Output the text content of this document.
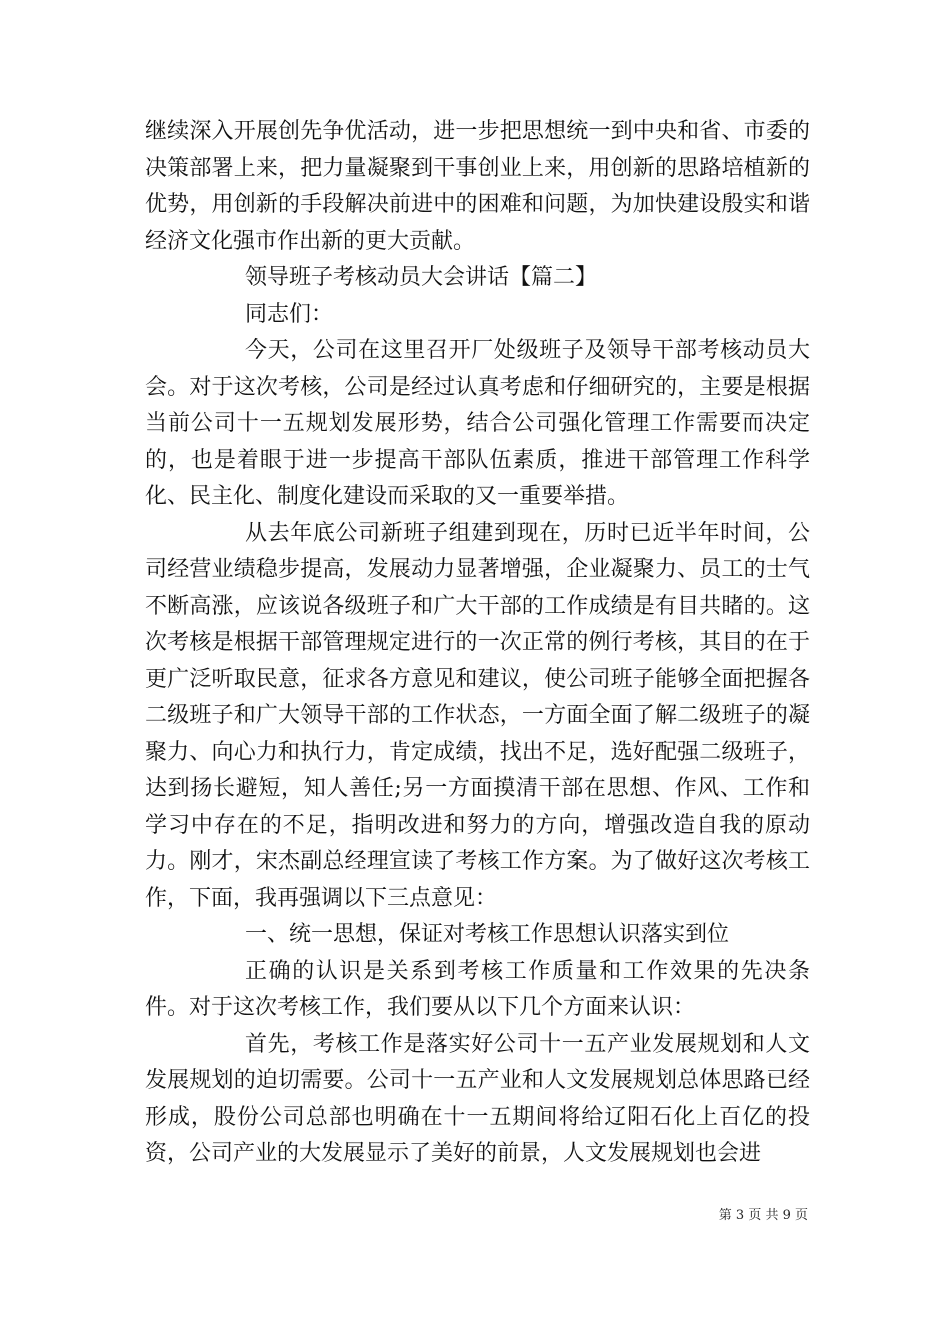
继续深入开展创先争优活动，进一步把思想统一到中央和省、市委的决策部署上来，把力量凝聚到干事创业上来，用创新的思路培植新的优势，用创新的手段解决前进中的困难和问题，为加快建设殷实和谐经济文化强市作出新的更大贡献。

领导班子考核动员大会讲话【篇二】

同志们：

今天，公司在这里召开厂处级班子及领导干部考核动员大会。对于这次考核，公司是经过认真考虑和仔细研究的，主要是根据当前公司十一五规划发展形势，结合公司强化管理工作需要而决定的，也是着眼于进一步提高干部队伍素质，推进干部管理工作科学化、民主化、制度化建设而采取的又一重要举措。

从去年底公司新班子组建到现在，历时已近半年时间，公司经营业绩稳步提高，发展动力显著增强，企业凝聚力、员工的士气不断高涨，应该说各级班子和广大干部的工作成绩是有目共睹的。这次考核是根据干部管理规定进行的一次正常的例行考核，其目的在于更广泛听取民意，征求各方意见和建议，使公司班子能够全面把握各二级班子和广大领导干部的工作状态，一方面全面了解二级班子的凝聚力、向心力和执行力，肯定成绩，找出不足，选好配强二级班子，达到扬长避短，知人善任;另一方面摸清干部在思想、作风、工作和学习中存在的不足，指明改进和努力的方向，增强改造自我的原动力。刚才，宋杰副总经理宣读了考核工作方案。为了做好这次考核工作，下面，我再强调以下三点意见：

一、统一思想，保证对考核工作思想认识落实到位

正确的认识是关系到考核工作质量和工作效果的先决条件。对于这次考核工作，我们要从以下几个方面来认识：

首先，考核工作是落实好公司十一五产业发展规划和人文发展规划的迫切需要。公司十一五产业和人文发展规划总体思路已经形成，股份公司总部也明确在十一五期间将给辽阳石化上百亿的投资，公司产业的大发展显示了美好的前景，人文发展规划也会进

第 3 页 共 9 页
